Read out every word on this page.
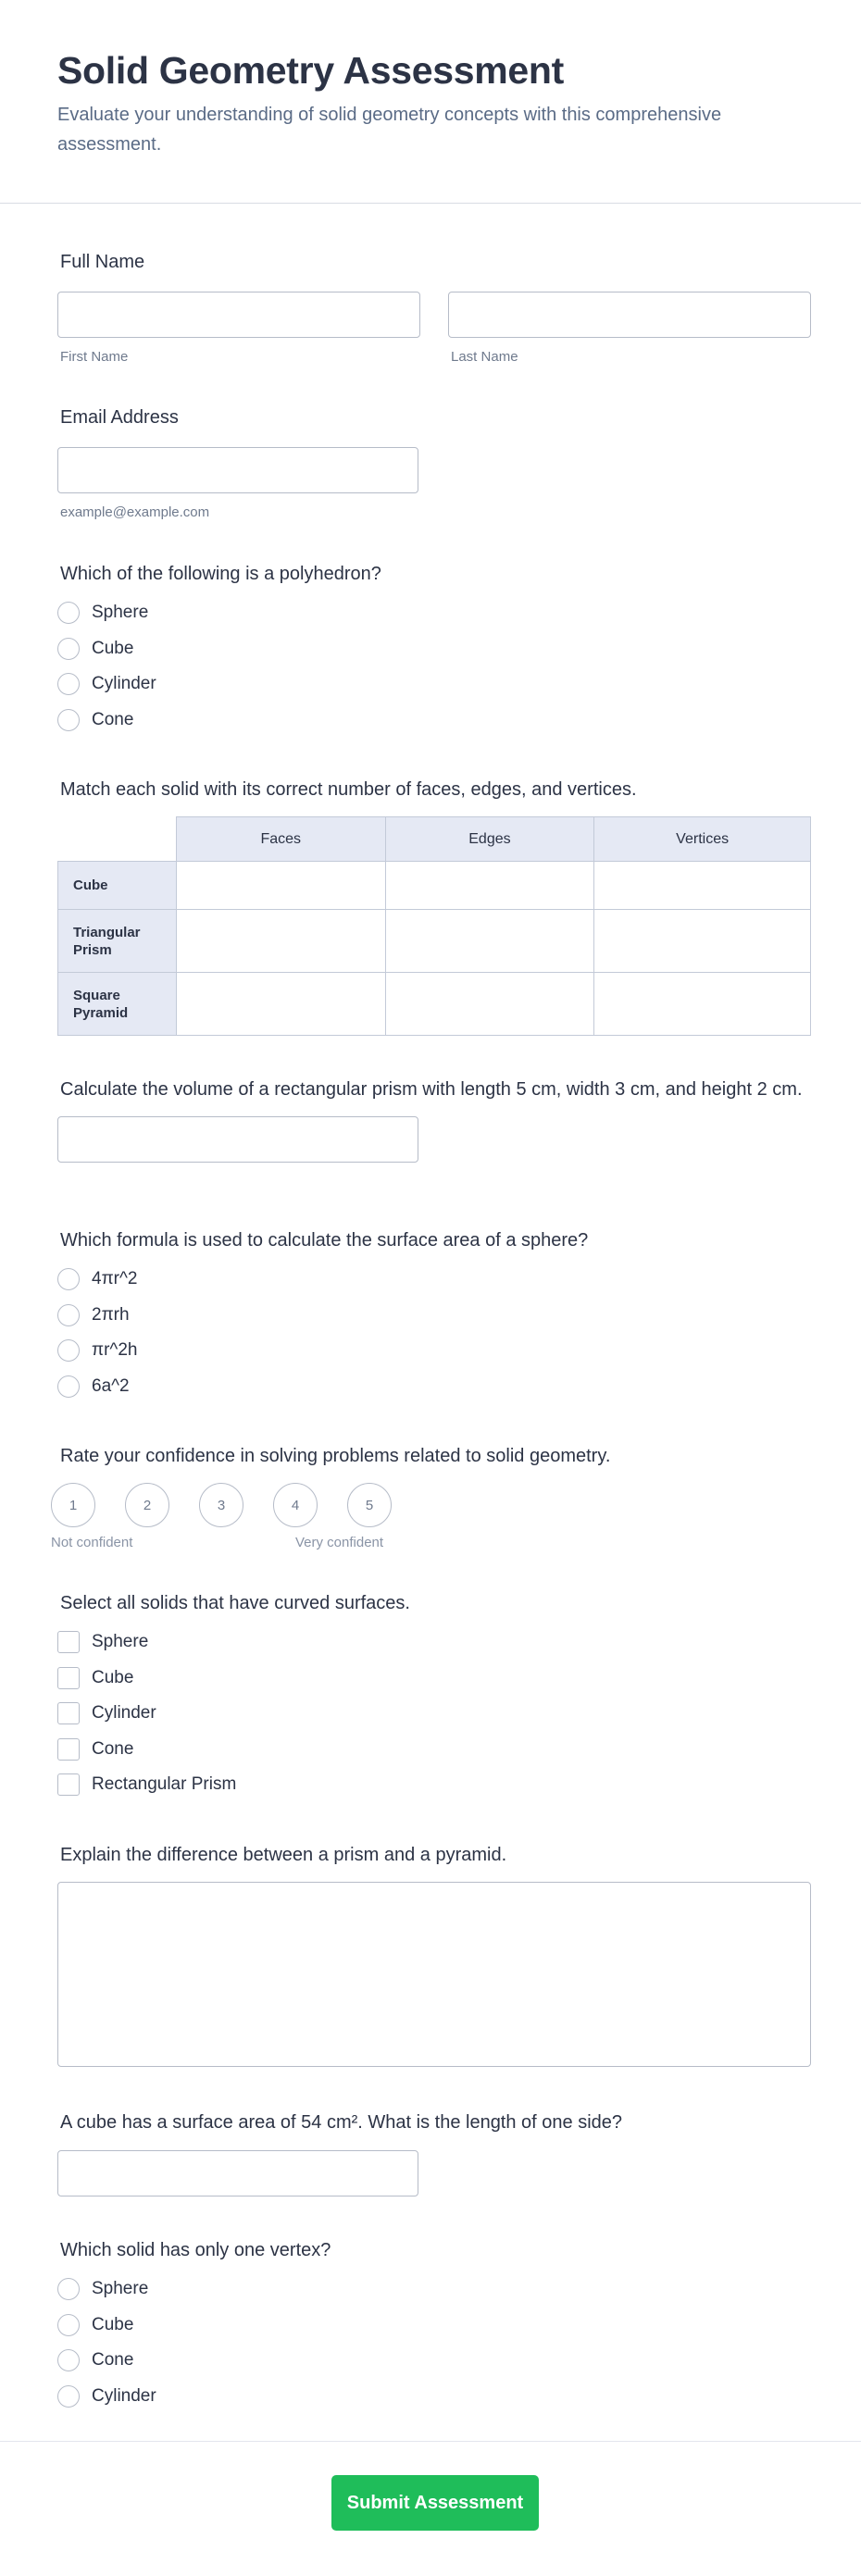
Solid Geometry Assessment

Evaluate your understanding of solid geometry concepts with this comprehensive assessment.

Full Name
First Name	Last Name
Email Address
example@example.com
Which of the following is a polyhedron?
Sphere
Cube
Cylinder
Cone
Match each solid with its correct number of faces, edges, and vertices.
	Faces	Edges	Vertices
Cube			
Triangular Prism			
Square Pyramid			
Calculate the volume of a rectangular prism with length 5 cm, width 3 cm, and height 2 cm.
Which formula is used to calculate the surface area of a sphere?
4πr^2
2πrh
πr^2h
6a^2
Rate your confidence in solving problems related to solid geometry.
1	2	3	4	5
Not confident	Very confident
Select all solids that have curved surfaces.
Sphere
Cube
Cylinder
Cone
Rectangular Prism
Explain the difference between a prism and a pyramid.
A cube has a surface area of 54 cm². What is the length of one side?
Which solid has only one vertex?
Sphere
Cube
Cone
Cylinder
Submit Assessment
